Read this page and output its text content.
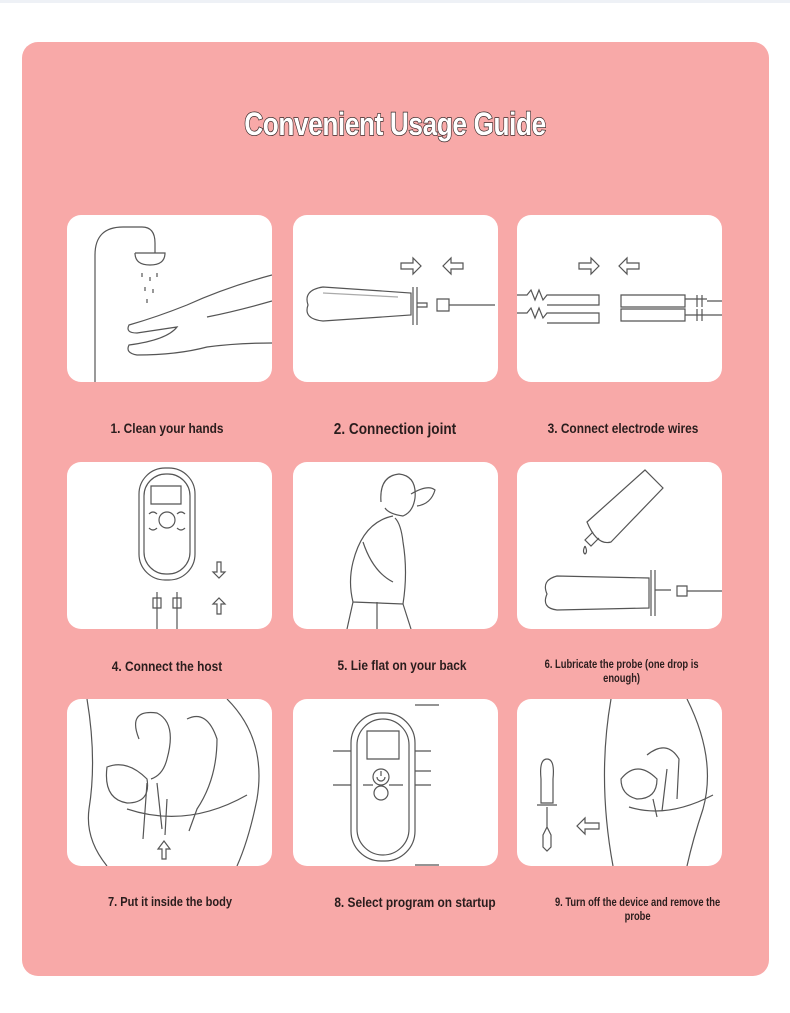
Convenient Usage Guide
1. Clean your hands	2. Connection joint	3. Connect electrode wires
4. Connect the host	5. Lie flat on your back	6. Lubricate the probe (one drop is enough)
7. Put it inside the body	8. Select program on startup	9. Turn off the device and remove the probe
